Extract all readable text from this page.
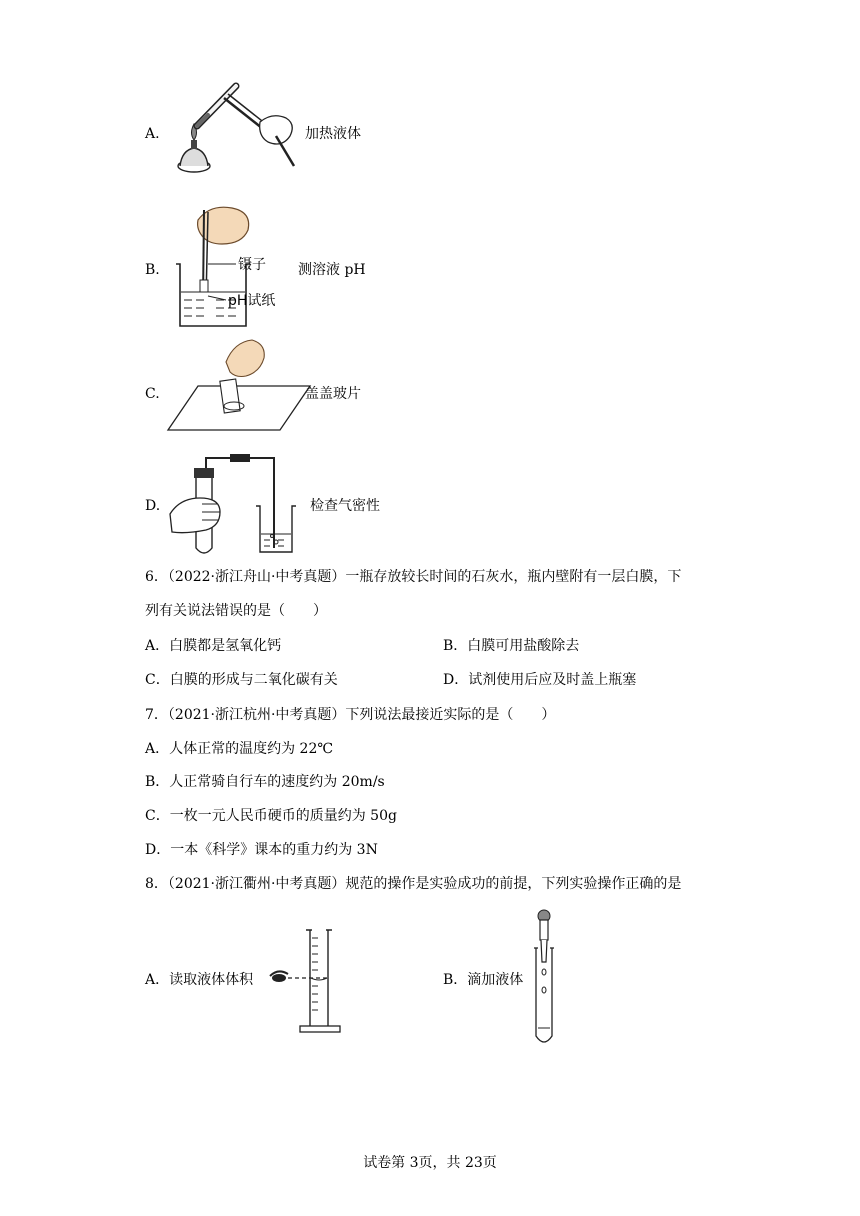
A.	加热液体
B.	镊子
pH试纸
测溶液 pH
C.	盖盖玻片
D.	检查气密性
6．（2022·浙江舟山·中考真题）一瓶存放较长时间的石灰水，瓶内壁附有一层白膜，下
列有关说法错误的是（　　）
A．白膜都是氢氧化钙	B．白膜可用盐酸除去
C．白膜的形成与二氧化碳有关	D．试剂使用后应及时盖上瓶塞
7．（2021·浙江杭州·中考真题）下列说法最接近实际的是（　　）
A．人体正常的温度约为 22℃
B．人正常骑自行车的速度约为 20m/s
C．一枚一元人民币硬币的质量约为 50g
D．一本《科学》课本的重力约为 3N
8．（2021·浙江衢州·中考真题）规范的操作是实验成功的前提，下列实验操作正确的是
A．读取液体体积	B．滴加液体
试卷第 3页，共 23页
